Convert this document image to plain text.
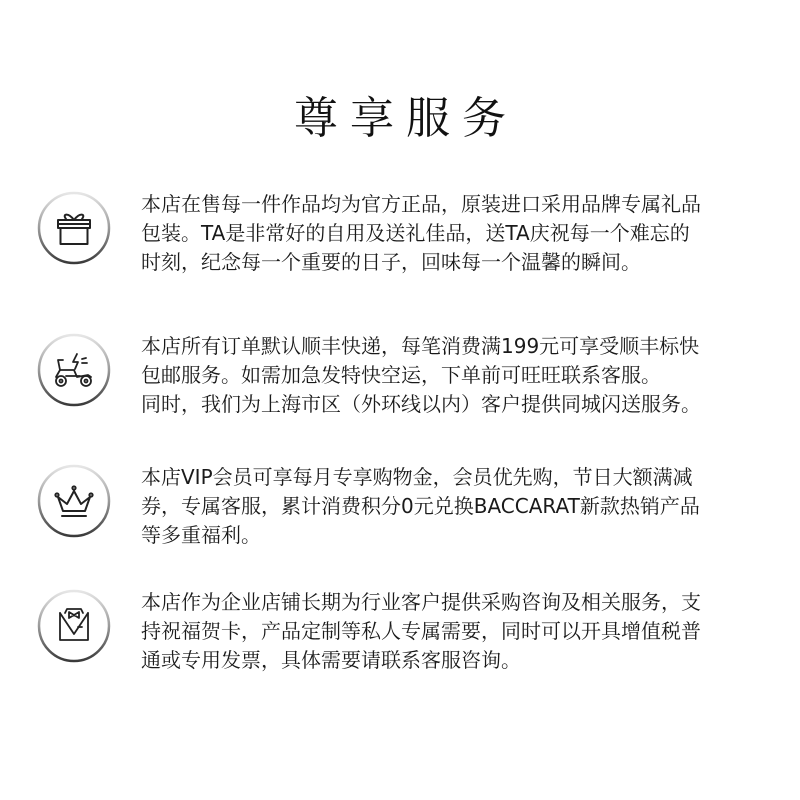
尊享服务

本店在售每一件作品均为官方正品，原装进口采用品牌专属礼品
包装。TA是非常好的自用及送礼佳品，送TA庆祝每一个难忘的
时刻，纪念每一个重要的日子，回味每一个温馨的瞬间。

本店所有订单默认顺丰快递，每笔消费满199元可享受顺丰标快
包邮服务。如需加急发特快空运，下单前可旺旺联系客服。
同时，我们为上海市区（外环线以内）客户提供同城闪送服务。

本店VIP会员可享每月专享购物金，会员优先购，节日大额满减
券，专属客服，累计消费积分0元兑换BACCARAT新款热销产品
等多重福利。

本店作为企业店铺长期为行业客户提供采购咨询及相关服务，支
持祝福贺卡，产品定制等私人专属需要，同时可以开具增值税普
通或专用发票，具体需要请联系客服咨询。
